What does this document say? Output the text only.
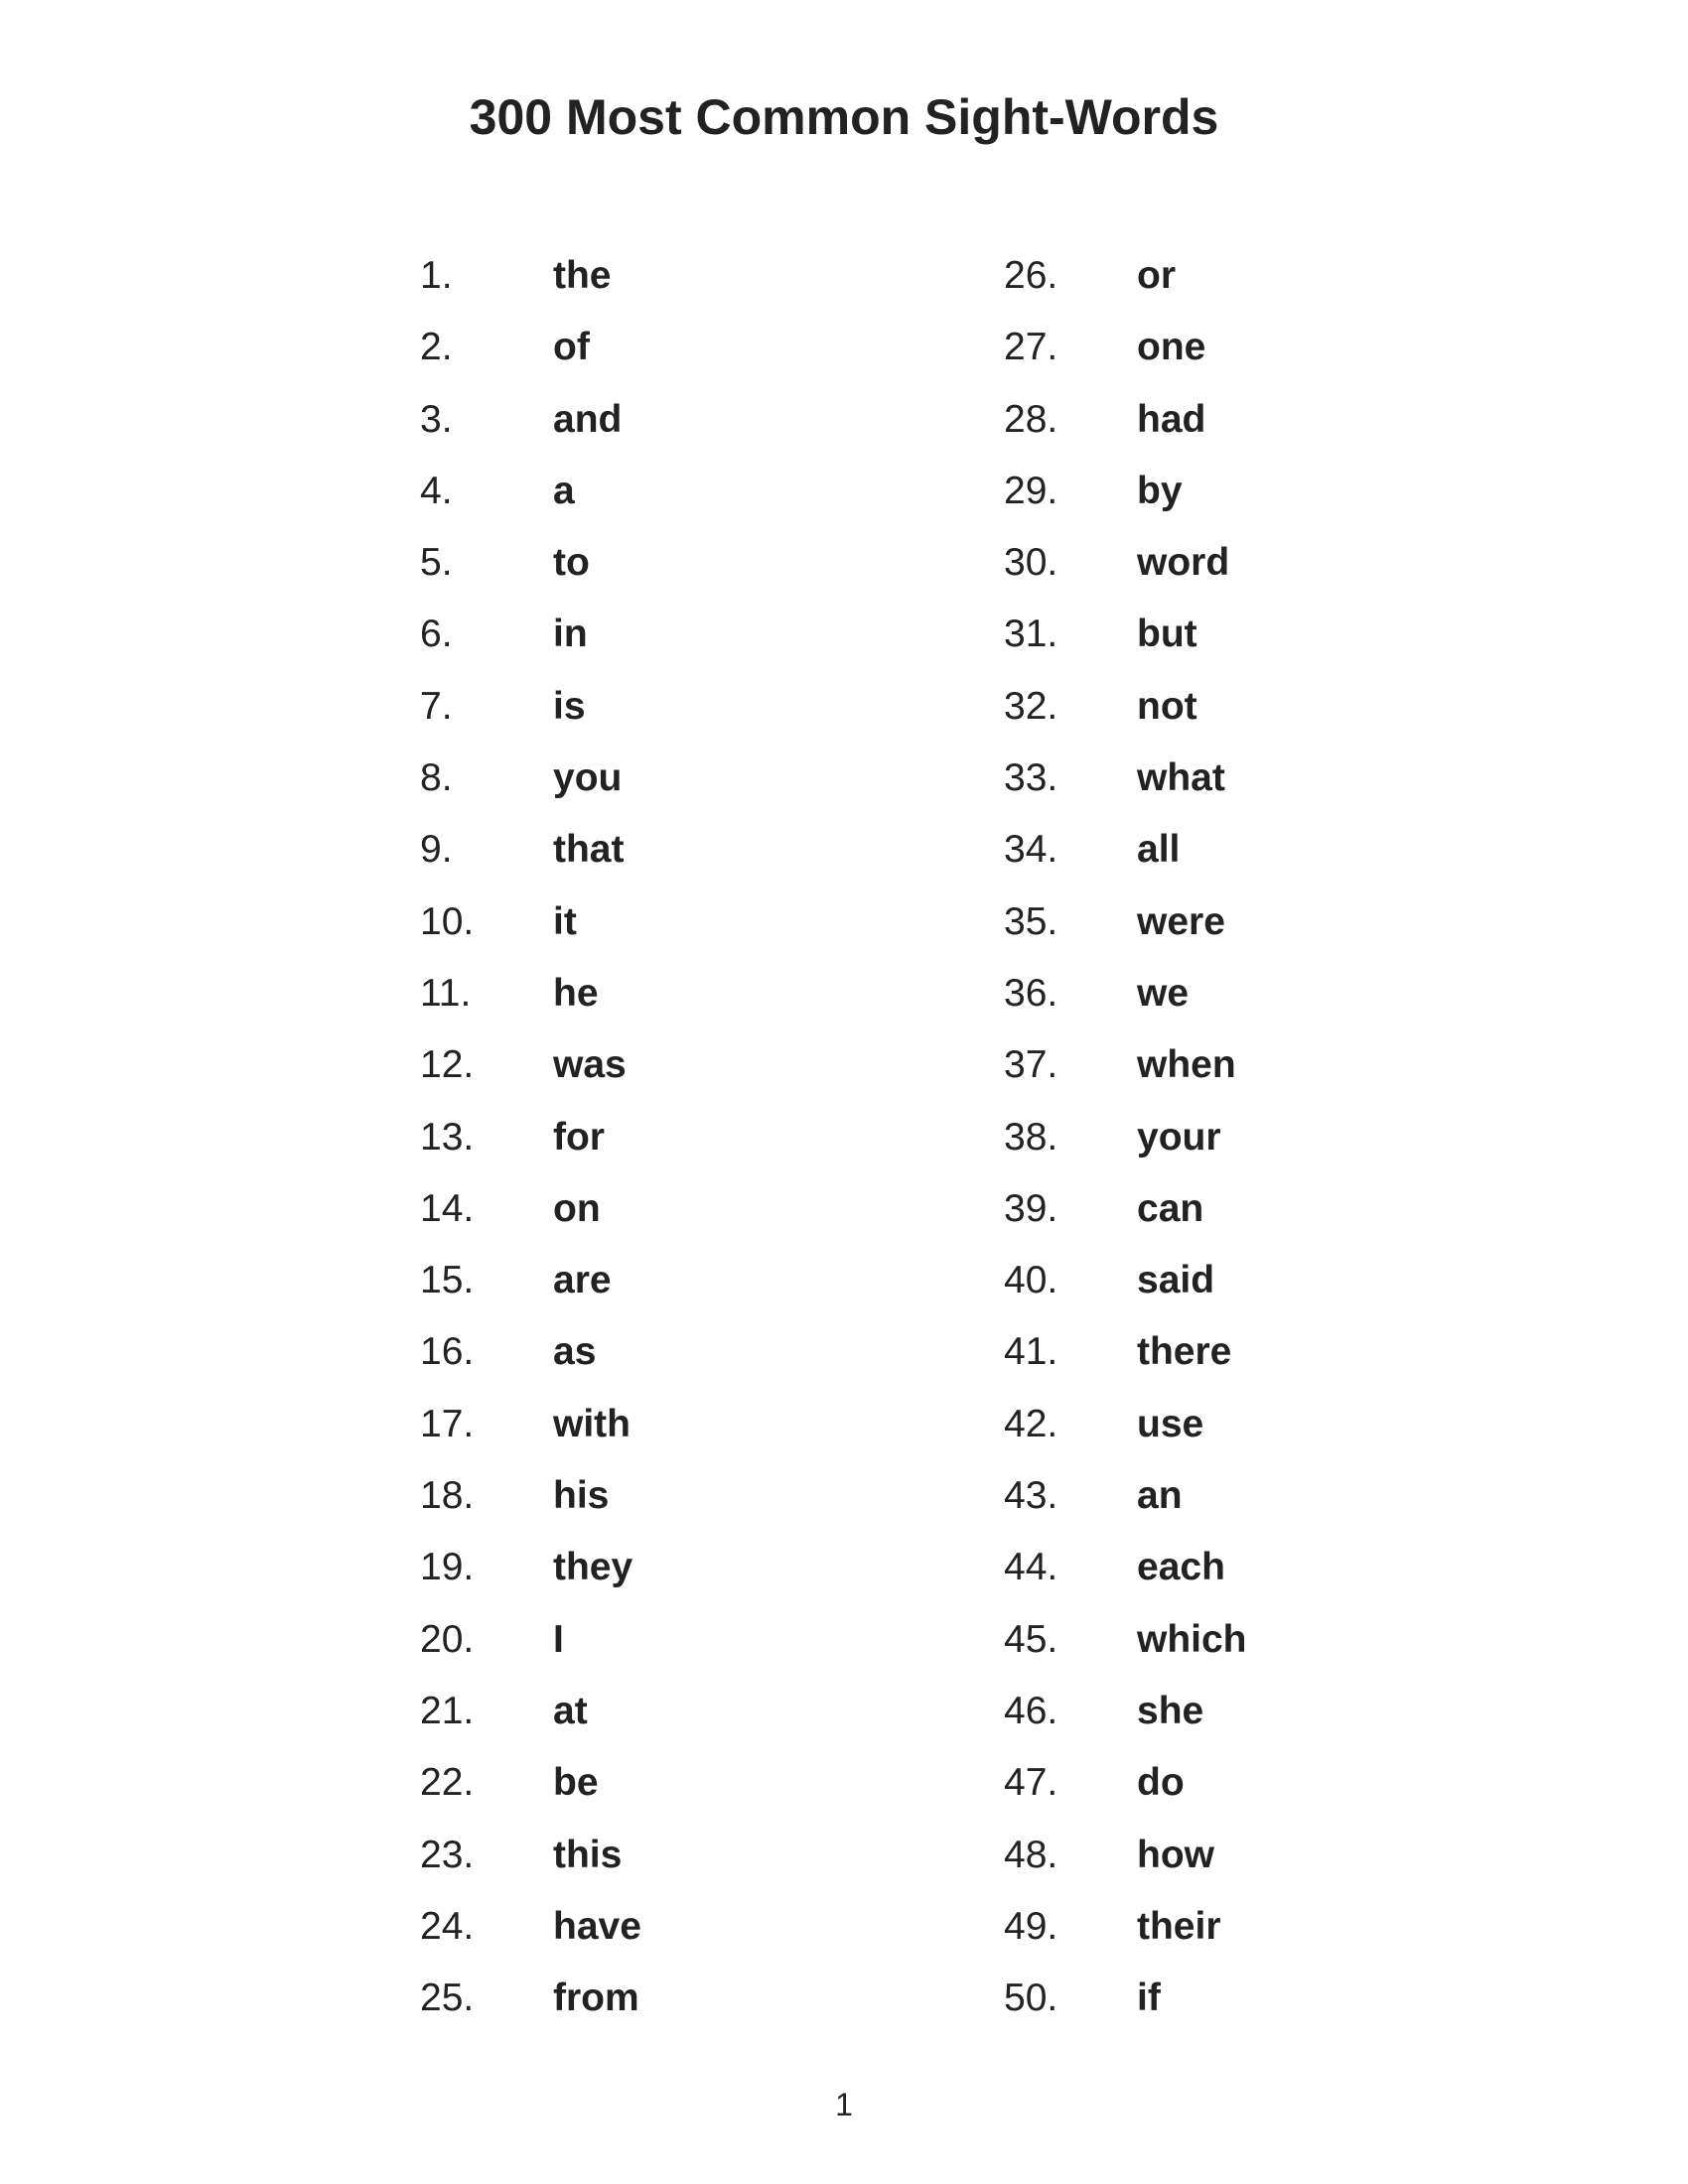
300 Most Common Sight-Words
1.	the
2.	of
3.	and
4.	a
5.	to
6.	in
7.	is
8.	you
9.	that
10.	it
11.	he
12.	was
13.	for
14.	on
15.	are
16.	as
17.	with
18.	his
19.	they
20.	I
21.	at
22.	be
23.	this
24.	have
25.	from
26.	or
27.	one
28.	had
29.	by
30.	word
31.	but
32.	not
33.	what
34.	all
35.	were
36.	we
37.	when
38.	your
39.	can
40.	said
41.	there
42.	use
43.	an
44.	each
45.	which
46.	she
47.	do
48.	how
49.	their
50.	if
1
